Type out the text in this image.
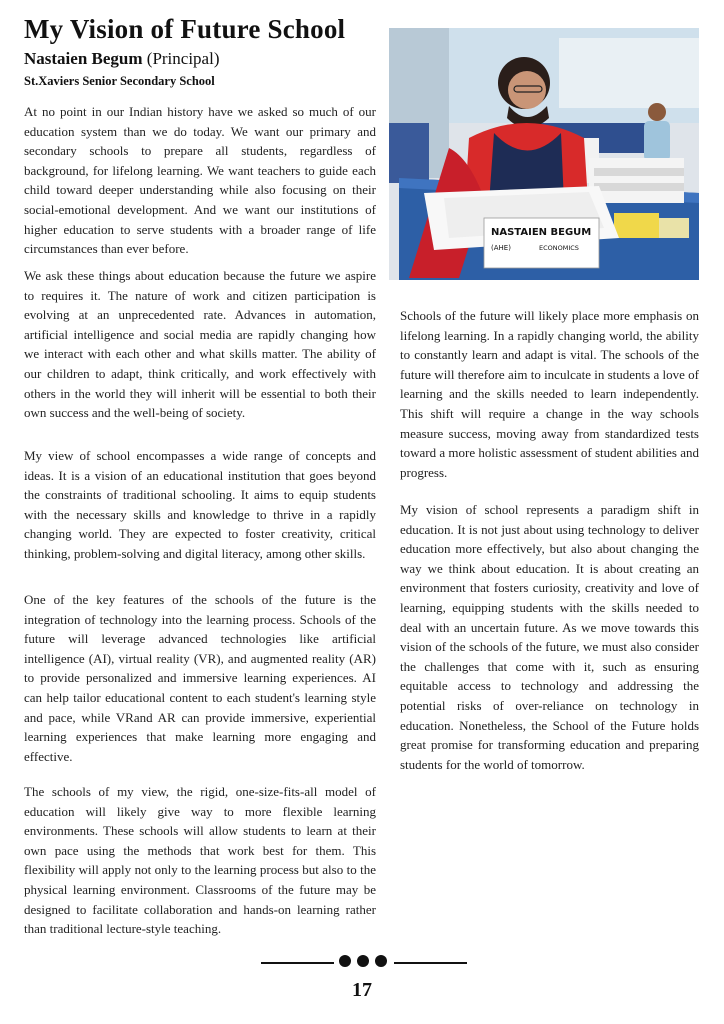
My Vision of Future School
Nastaien Begum (Principal)
St.Xaviers Senior Secondary School
NASTAIEN BEGUM
(AHE)	ECONOMICS

At no point in our Indian history have we asked so much of our education system than we do today. We want our primary and secondary schools to prepare all students, regardless of background, for lifelong learning. We want teachers to guide each child toward deeper understanding while also focusing on their social-emotional development. And we want our institutions of higher education to serve students with a broader range of life circumstances than ever before.

We ask these things about education because the future we aspire to requires it. The nature of work and citizen participation is evolving at an unprecedented rate. Advances in automation, artificial intelligence and social media are rapidly changing how we interact with each other and what skills matter. The ability of our children to adapt, think critically, and work effectively with others in the world they will inherit will be essential to both their own success and the well-being of society.

My view of school encompasses a wide range of concepts and ideas. It is a vision of an educational institution that goes beyond the constraints of traditional schooling. It aims to equip students with the necessary skills and knowledge to thrive in a rapidly changing world. They are expected to foster creativity, critical thinking, problem-solving and digital literacy, among other skills.

One of the key features of the schools of the future is the integration of technology into the learning process. Schools of the future will leverage advanced technologies like artificial intelligence (AI), virtual reality (VR), and augmented reality (AR) to provide personalized and immersive learning experiences. AI can help tailor educational content to each student's learning style and pace, while VRand AR can provide immersive, experiential learning experiences that make learning more engaging and effective.

The schools of my view, the rigid, one-size-fits-all model of education will likely give way to more flexible learning environments. These schools will allow students to learn at their own pace using the methods that work best for them. This flexibility will apply not only to the learning process but also to the physical learning environment. Classrooms of the future may be designed to facilitate collaboration and hands-on learning rather than traditional lecture-style teaching.

Schools of the future will likely place more emphasis on lifelong learning. In a rapidly changing world, the ability to constantly learn and adapt is vital. The schools of the future will therefore aim to inculcate in students a love of learning and the skills needed to learn independently. This shift will require a change in the way schools measure success, moving away from standardized tests toward a more holistic assessment of student abilities and progress.

My vision of school represents a paradigm shift in education. It is not just about using technology to deliver education more effectively, but also about changing the way we think about education. It is about creating an environment that fosters curiosity, creativity and love of learning, equipping students with the skills needed to deal with an uncertain future. As we move towards this vision of the schools of the future, we must also consider the challenges that come with it, such as ensuring equitable access to technology and addressing the potential risks of over-reliance on technology in education. Nonetheless, the School of the Future holds great promise for transforming education and preparing students for the world of tomorrow.

17
